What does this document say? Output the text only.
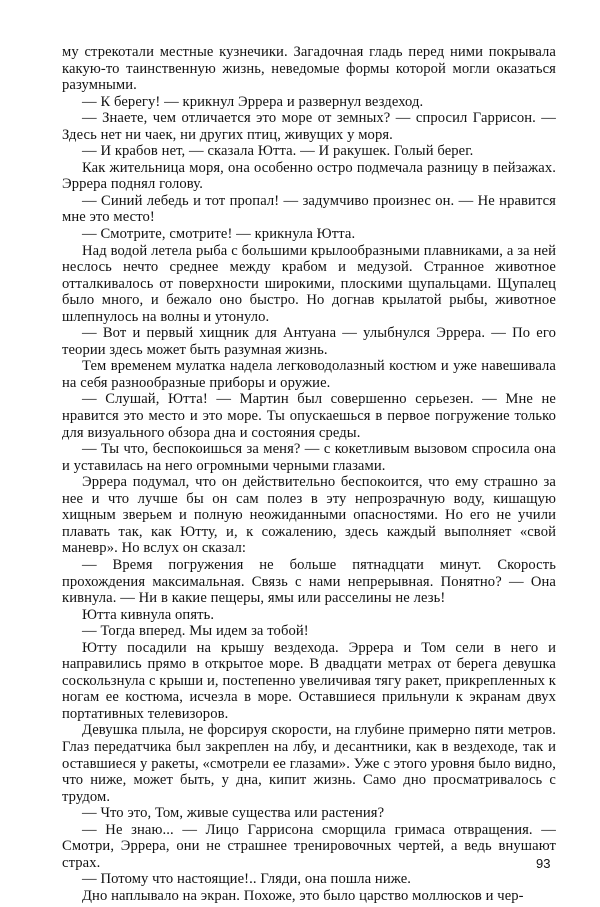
му стрекотали местные кузнечики. Загадочная гладь перед ними покрывала какую-то таинственную жизнь, неведомые формы которой могли оказаться разумными.

— К берегу! — крикнул Эррера и развернул вездеход.

— Знаете, чем отличается это море от земных? — спросил Гаррисон. — Здесь нет ни чаек, ни других птиц, живущих у моря.

— И крабов нет, — сказала Ютта. — И ракушек. Голый берег.

Как жительница моря, она особенно остро подмечала разницу в пейзажах. Эррера поднял голову.

— Синий лебедь и тот пропал! — задумчиво произнес он. — Не нравится мне это место!

— Смотрите, смотрите! — крикнула Ютта.

Над водой летела рыба с большими крылообразными плавниками, а за ней неслось нечто среднее между крабом и медузой. Странное животное отталкивалось от поверхности широкими, плоскими щупальцами. Щупалец было много, и бежало оно быстро. Но догнав крылатой рыбы, животное шлепнулось на волны и утонуло.

— Вот и первый хищник для Антуана — улыбнулся Эррера. — По его теории здесь может быть разумная жизнь.

Тем временем мулатка надела легководолазный костюм и уже навешивала на себя разнообразные приборы и оружие.

— Слушай, Ютта! — Мартин был совершенно серьезен. — Мне не нравится это место и это море. Ты опускаешься в первое погружение только для визуального обзора дна и состояния среды.

— Ты что, беспокоишься за меня? — с кокетливым вызовом спросила она и уставилась на него огромными черными глазами.

Эррера подумал, что он действительно беспокоится, что ему страшно за нее и что лучше бы он сам полез в эту непрозрачную воду, кишащую хищным зверьем и полную неожиданными опасностями. Но его не учили плавать так, как Ютту, и, к сожалению, здесь каждый выполняет «свой маневр». Но вслух он сказал:

— Время погружения не больше пятнадцати минут. Скорость прохождения максимальная. Связь с нами непрерывная. Понятно? — Она кивнула. — Ни в какие пещеры, ямы или расселины не лезь!

Ютта кивнула опять.

— Тогда вперед. Мы идем за тобой!

Ютту посадили на крышу вездехода. Эррера и Том сели в него и направились прямо в открытое море. В двадцати метрах от берега девушка соскользнула с крыши и, постепенно увеличивая тягу ракет, прикрепленных к ногам ее костюма, исчезла в море. Оставшиеся прильнули к экранам двух портативных телевизоров.

Девушка плыла, не форсируя скорости, на глубине примерно пяти метров. Глаз передатчика был закреплен на лбу, и десантники, как в вездеходе, так и оставшиеся у ракеты, «смотрели ее глазами». Уже с этого уровня было видно, что ниже, может быть, у дна, кипит жизнь. Само дно просматривалось с трудом.

— Что это, Том, живые существа или растения?

— Не знаю... — Лицо Гаррисона сморщила гримаса отвращения. — Смотри, Эррера, они не страшнее тренировочных чертей, а ведь внушают страх.

— Потому что настоящие!.. Гляди, она пошла ниже.

Дно наплывало на экран. Похоже, это было царство моллюсков и чер-

93
